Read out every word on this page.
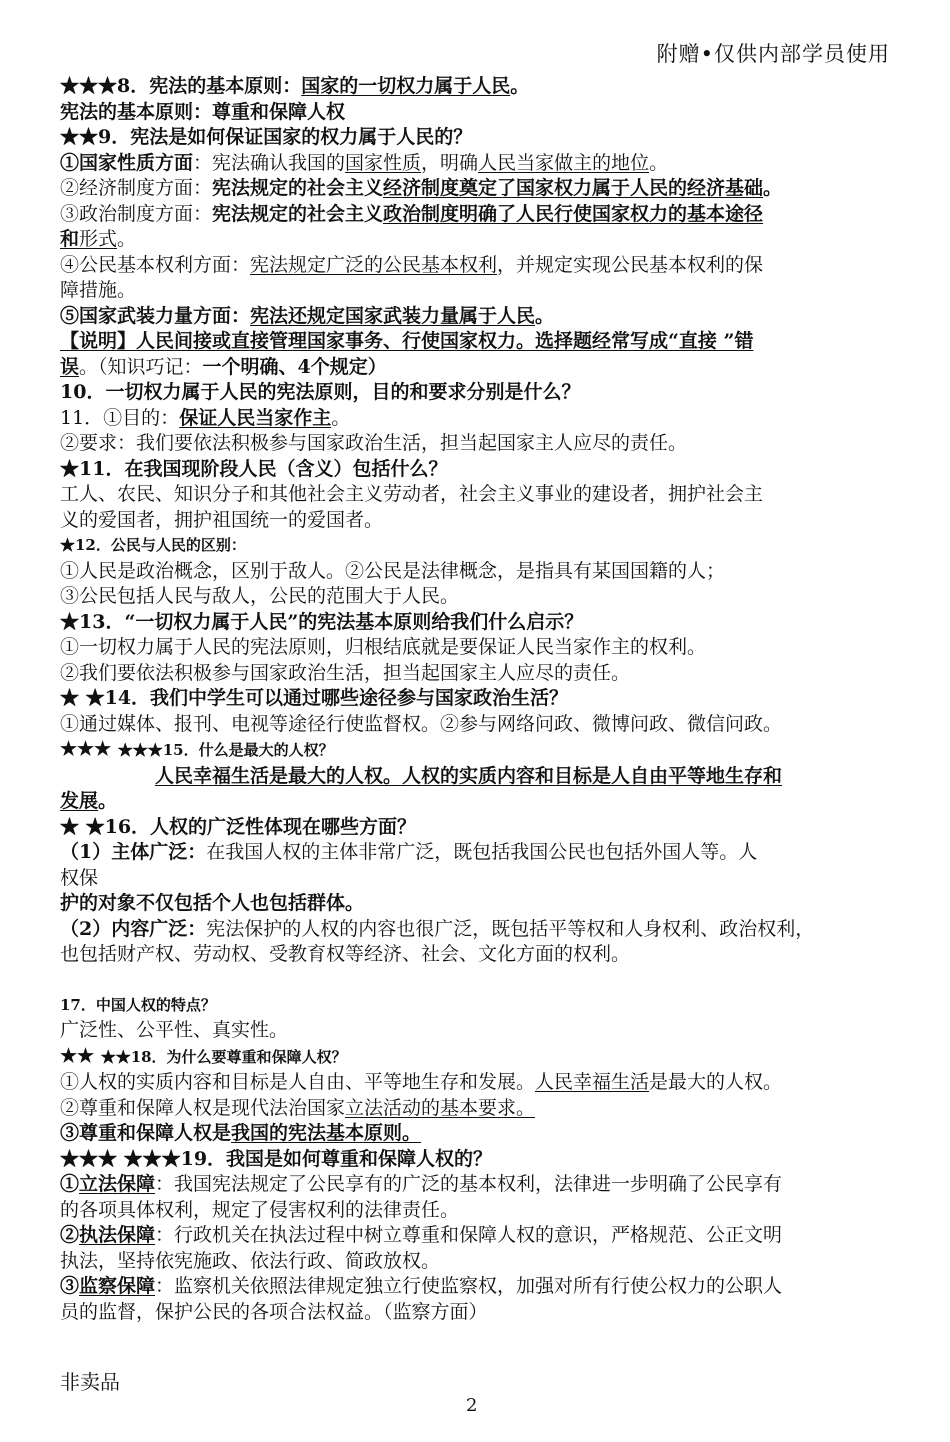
附赠•仅供内部学员使用
★★★8．宪法的基本原则：国家的一切权力属于人民。
宪法的基本原则：尊重和保障人权
★★9．宪法是如何保证国家的权力属于人民的？
①国家性质方面：宪法确认我国的国家性质，明确人民当家做主的地位。
②经济制度方面：宪法规定的社会主义经济制度奠定了国家权力属于人民的经济基础。
③政治制度方面：宪法规定的社会主义政治制度明确了人民行使国家权力的基本途径
和形式。
④公民基本权利方面：宪法规定广泛的公民基本权利，并规定实现公民基本权利的保
障措施。
⑤国家武装力量方面：宪法还规定国家武装力量属于人民。
【说明】人民间接或直接管理国家事务、行使国家权力。选择题经常写成“直接 ”错
误。（知识巧记：一个明确、4个规定）
10．一切权力属于人民的宪法原则，目的和要求分别是什么？
11．①目的：保证人民当家作主。
②要求：我们要依法积极参与国家政治生活，担当起国家主人应尽的责任。
★11．在我国现阶段人民（含义）包括什么？
工人、农民、知识分子和其他社会主义劳动者，社会主义事业的建设者，拥护社会主
义的爱国者，拥护祖国统一的爱国者。
★12．公民与人民的区别：
①人民是政治概念，区别于敌人。②公民是法律概念，是指具有某国国籍的人；
③公民包括人民与敌人，公民的范围大于人民。
★13．“一切权力属于人民”的宪法基本原则给我们什么启示？
①一切权力属于人民的宪法原则，归根结底就是要保证人民当家作主的权利。
②我们要依法积极参与国家政治生活，担当起国家主人应尽的责任。
★ ★14．我们中学生可以通过哪些途径参与国家政治生活？
①通过媒体、报刊、电视等途径行使监督权。②参与网络问政、微博问政、微信问政。
★★★ ★★★15．什么是最大的人权？
　　　　　人民幸福生活是最大的人权。人权的实质内容和目标是人自由平等地生存和
发展。
★ ★16．人权的广泛性体现在哪些方面？
（1）主体广泛：在我国人权的主体非常广泛，既包括我国公民也包括外国人等。人
权保
护的对象不仅包括个人也包括群体。
（2）内容广泛：宪法保护的人权的内容也很广泛，既包括平等权和人身权利、政治权利，
也包括财产权、劳动权、受教育权等经济、社会、文化方面的权利。
17．中国人权的特点？
广泛性、公平性、真实性。
★★ ★★18．为什么要尊重和保障人权？
①人权的实质内容和目标是人自由、平等地生存和发展。人民幸福生活是最大的人权。
②尊重和保障人权是现代法治国家立法活动的基本要求。
③尊重和保障人权是我国的宪法基本原则。
★★★ ★★★19．我国是如何尊重和保障人权的？
①立法保障：我国宪法规定了公民享有的广泛的基本权利，法律进一步明确了公民享有
的各项具体权利，规定了侵害权利的法律责任。
②执法保障：行政机关在执法过程中树立尊重和保障人权的意识，严格规范、公正文明
执法，坚持依宪施政、依法行政、简政放权。
③监察保障：监察机关依照法律规定独立行使监察权，加强对所有行使公权力的公职人
员的监督，保护公民的各项合法权益。（监察方面）
非卖品
2
